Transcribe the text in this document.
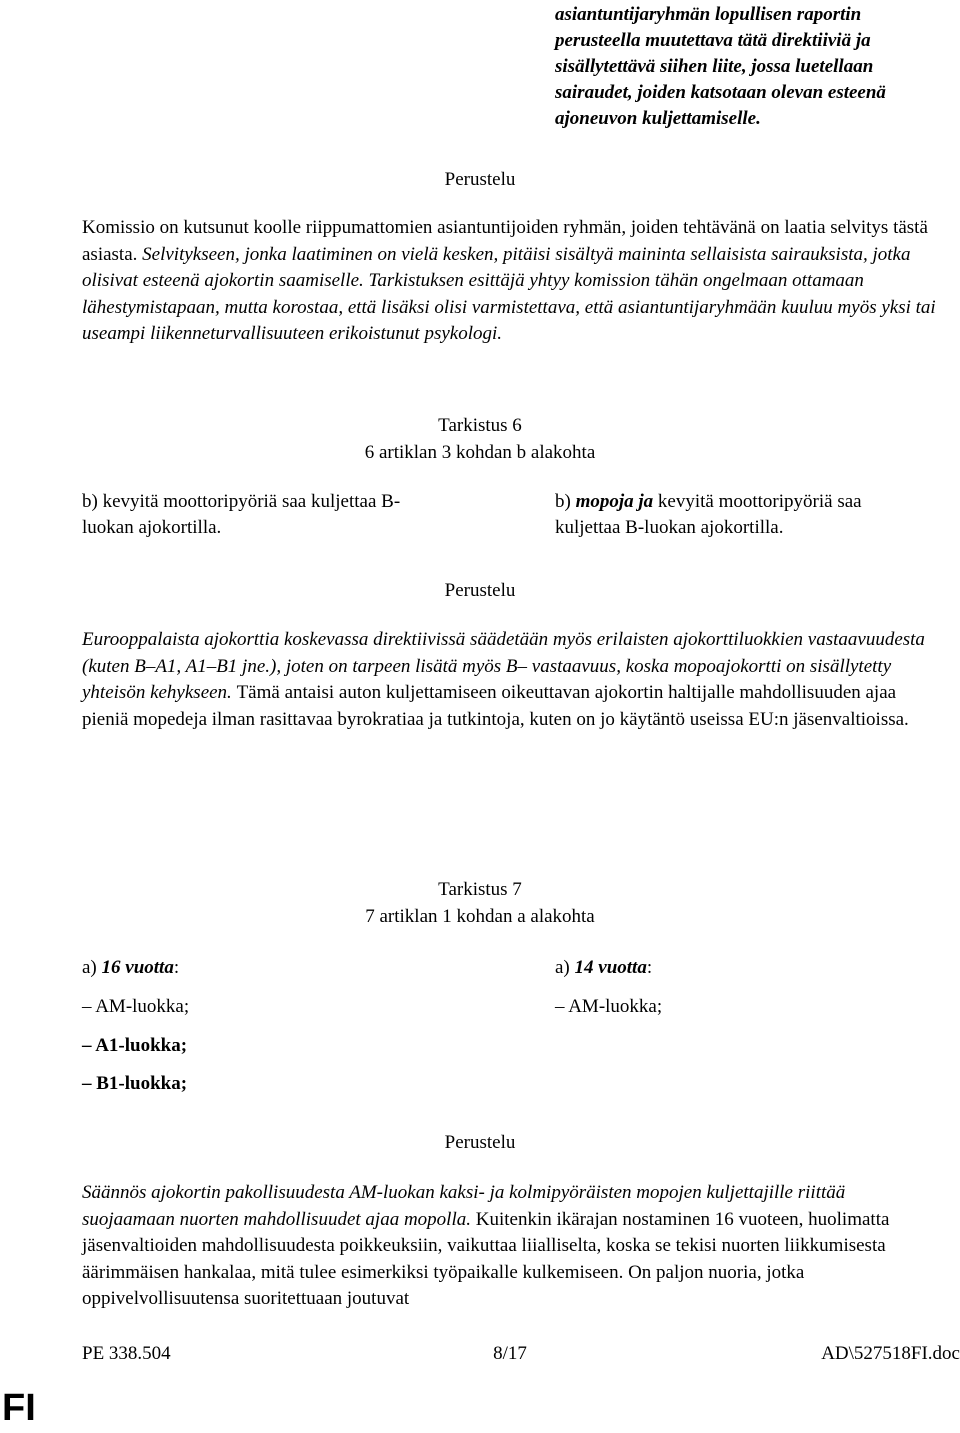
asiantuntijaryhmän lopullisen raportin
perusteella muutettava tätä direktiiviä ja
sisällytettävä siihen liite, jossa luetellaan
sairaudet, joiden katsotaan olevan esteenä
ajoneuvon kuljettamiselle.
Perustelu
Komissio on kutsunut koolle riippumattomien asiantuntijoiden ryhmän, joiden tehtävänä on laatia selvitys tästä asiasta. Selvitykseen, jonka laatiminen on vielä kesken, pitäisi sisältyä maininta sellaisista sairauksista, jotka olisivat esteenä ajokortin saamiselle. Tarkistuksen esittäjä yhtyy komission tähän ongelmaan ottamaan lähestymistapaan, mutta korostaa, että lisäksi olisi varmistettava, että asiantuntijaryhmään kuuluu myös yksi tai useampi liikenneturvallisuuteen erikoistunut psykologi.
Tarkistus 6
6 artiklan 3 kohdan b alakohta
b) kevyitä moottoripyöriä saa kuljettaa B-
luokan ajokortilla.
b) mopoja ja kevyitä moottoripyöriä saa
kuljettaa B-luokan ajokortilla.
Perustelu
Eurooppalaista ajokorttia koskevassa direktiivissä säädetään myös erilaisten ajokorttiluokkien vastaavuudesta (kuten B–A1, A1–B1 jne.), joten on tarpeen lisätä myös B– vastaavuus, koska mopoajokortti on sisällytetty yhteisön kehykseen. Tämä antaisi auton kuljettamiseen oikeuttavan ajokortin haltijalle mahdollisuuden ajaa pieniä mopedeja ilman rasittavaa byrokratiaa ja tutkintoja, kuten on jo käytäntö useissa EU:n jäsenvaltioissa.
Tarkistus 7
7 artiklan 1 kohdan a alakohta
a) 16 vuotta:
– AM-luokka;
– A1-luokka;
– B1-luokka;
a) 14 vuotta:
– AM-luokka;
Perustelu
Säännös ajokortin pakollisuudesta AM-luokan kaksi- ja kolmipyöräisten mopojen kuljettajille riittää suojaamaan nuorten mahdollisuudet ajaa mopolla. Kuitenkin ikärajan nostaminen 16 vuoteen, huolimatta jäsenvaltioiden mahdollisuudesta poikkeuksiin, vaikuttaa liialliselta, koska se tekisi nuorten liikkumisesta äärimmäisen hankalaa, mitä tulee esimerkiksi työpaikalle kulkemiseen. On paljon nuoria, jotka oppivelvollisuutensa suoritettuaan joutuvat
PE 338.504	8/17	AD\527518FI.doc
FI
